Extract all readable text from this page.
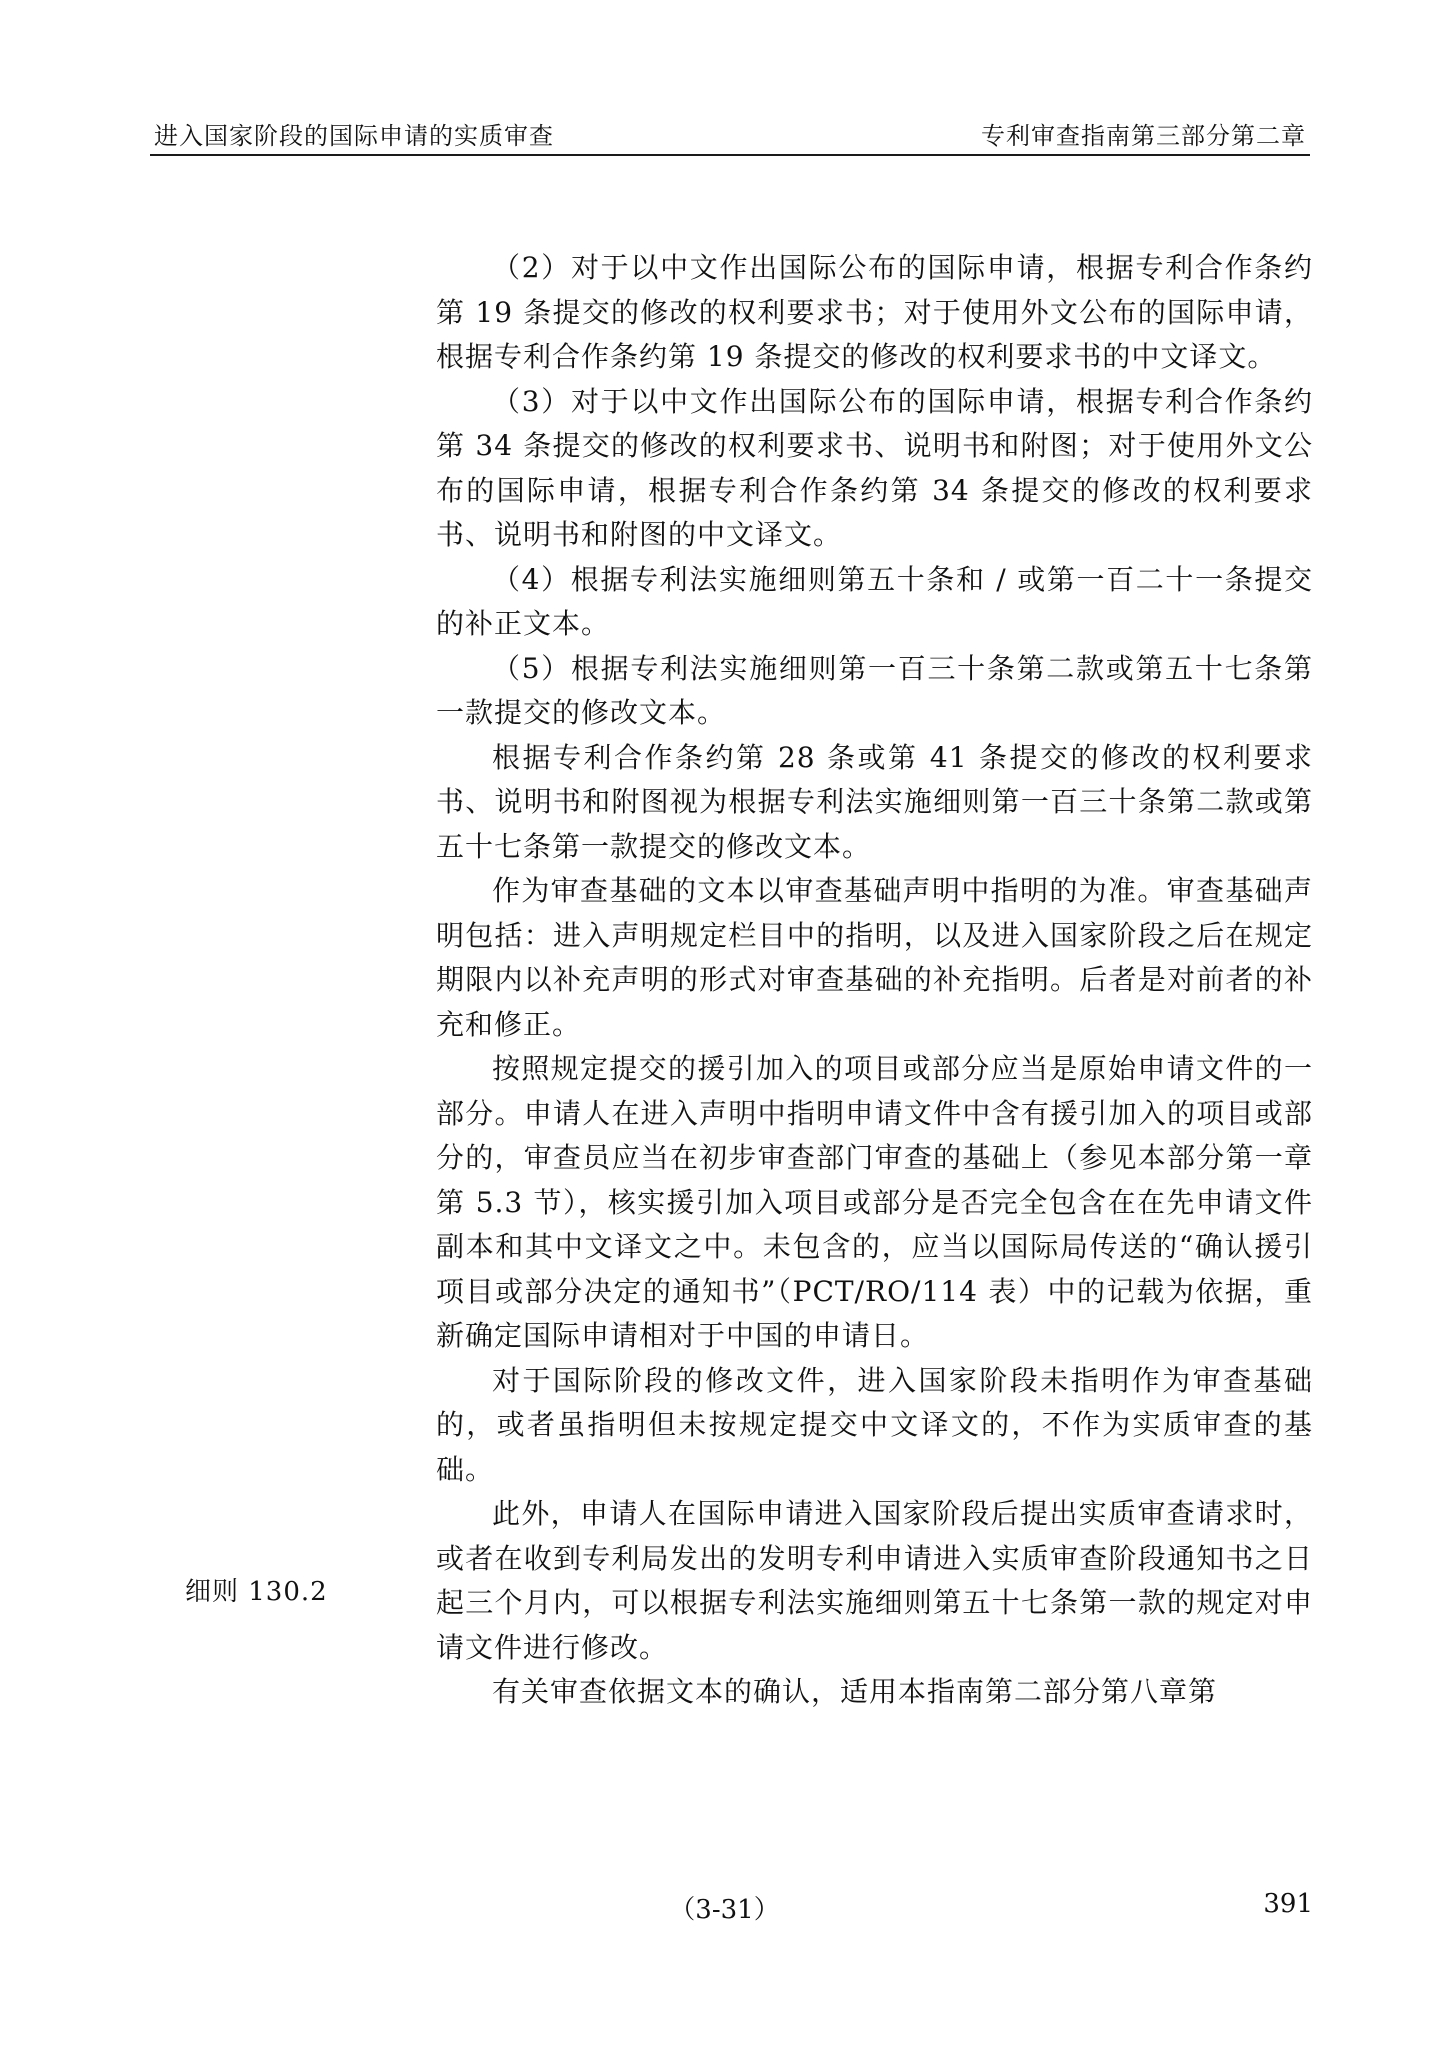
进入国家阶段的国际申请的实质审查	专利审查指南第三部分第二章
细则 130.2

（2）对于以中文作出国际公布的国际申请，根据专利合作条约第 19 条提交的修改的权利要求书；对于使用外文公布的国际申请，根据专利合作条约第 19 条提交的修改的权利要求书的中文译文。

（3）对于以中文作出国际公布的国际申请，根据专利合作条约第 34 条提交的修改的权利要求书、说明书和附图；对于使用外文公布的国际申请，根据专利合作条约第 34 条提交的修改的权利要求书、说明书和附图的中文译文。

（4）根据专利法实施细则第五十条和 / 或第一百二十一条提交的补正文本。

（5）根据专利法实施细则第一百三十条第二款或第五十七条第一款提交的修改文本。

根据专利合作条约第 28 条或第 41 条提交的修改的权利要求书、说明书和附图视为根据专利法实施细则第一百三十条第二款或第五十七条第一款提交的修改文本。

作为审查基础的文本以审查基础声明中指明的为准。审查基础声明包括：进入声明规定栏目中的指明，以及进入国家阶段之后在规定期限内以补充声明的形式对审查基础的补充指明。后者是对前者的补充和修正。

按照规定提交的援引加入的项目或部分应当是原始申请文件的一部分。申请人在进入声明中指明申请文件中含有援引加入的项目或部分的，审查员应当在初步审查部门审查的基础上（参见本部分第一章第 5.3 节），核实援引加入项目或部分是否完全包含在在先申请文件副本和其中文译文之中。未包含的，应当以国际局传送的“确认援引项目或部分决定的通知书”（PCT/RO/114 表）中的记载为依据，重新确定国际申请相对于中国的申请日。

对于国际阶段的修改文件，进入国家阶段未指明作为审查基础的，或者虽指明但未按规定提交中文译文的，不作为实质审查的基础。

此外，申请人在国际申请进入国家阶段后提出实质审查请求时，或者在收到专利局发出的发明专利申请进入实质审查阶段通知书之日起三个月内，可以根据专利法实施细则第五十七条第一款的规定对申请文件进行修改。

有关审查依据文本的确认，适用本指南第二部分第八章第

（3-31）	391
